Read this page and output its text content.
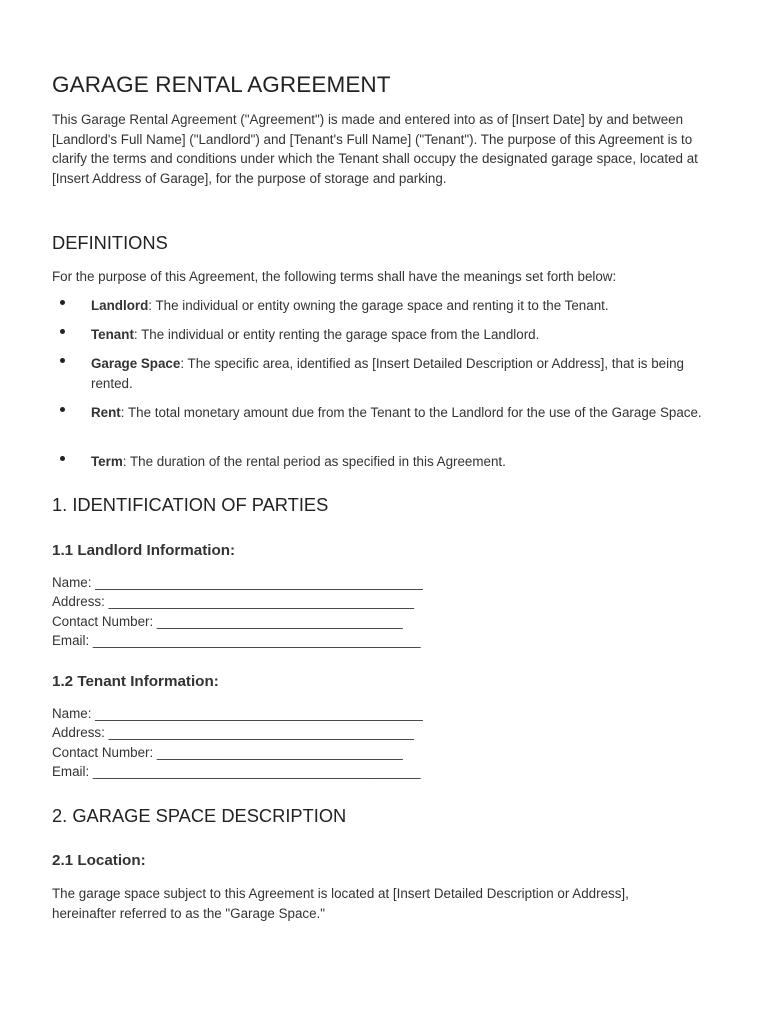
GARAGE RENTAL AGREEMENT

This Garage Rental Agreement ("Agreement") is made and entered into as of [Insert Date] by and between [Landlord's Full Name] ("Landlord") and [Tenant's Full Name] ("Tenant"). The purpose of this Agreement is to clarify the terms and conditions under which the Tenant shall occupy the designated garage space, located at [Insert Address of Garage], for the purpose of storage and parking.

DEFINITIONS

For the purpose of this Agreement, the following terms shall have the meanings set forth below:

Landlord: The individual or entity owning the garage space and renting it to the Tenant.
Tenant: The individual or entity renting the garage space from the Landlord.
Garage Space: The specific area, identified as [Insert Detailed Description or Address], that is being rented.
Rent: The total monetary amount due from the Tenant to the Landlord for the use of the Garage Space.
Term: The duration of the rental period as specified in this Agreement.
1. IDENTIFICATION OF PARTIES
1.1 Landlord Information:
Name: ____________________________________________
Address: _________________________________________
Contact Number: _________________________________
Email: ____________________________________________
1.2 Tenant Information:
Name: ____________________________________________
Address: _________________________________________
Contact Number: _________________________________
Email: ____________________________________________
2. GARAGE SPACE DESCRIPTION
2.1 Location:

The garage space subject to this Agreement is located at [Insert Detailed Description or Address], hereinafter referred to as the "Garage Space."
